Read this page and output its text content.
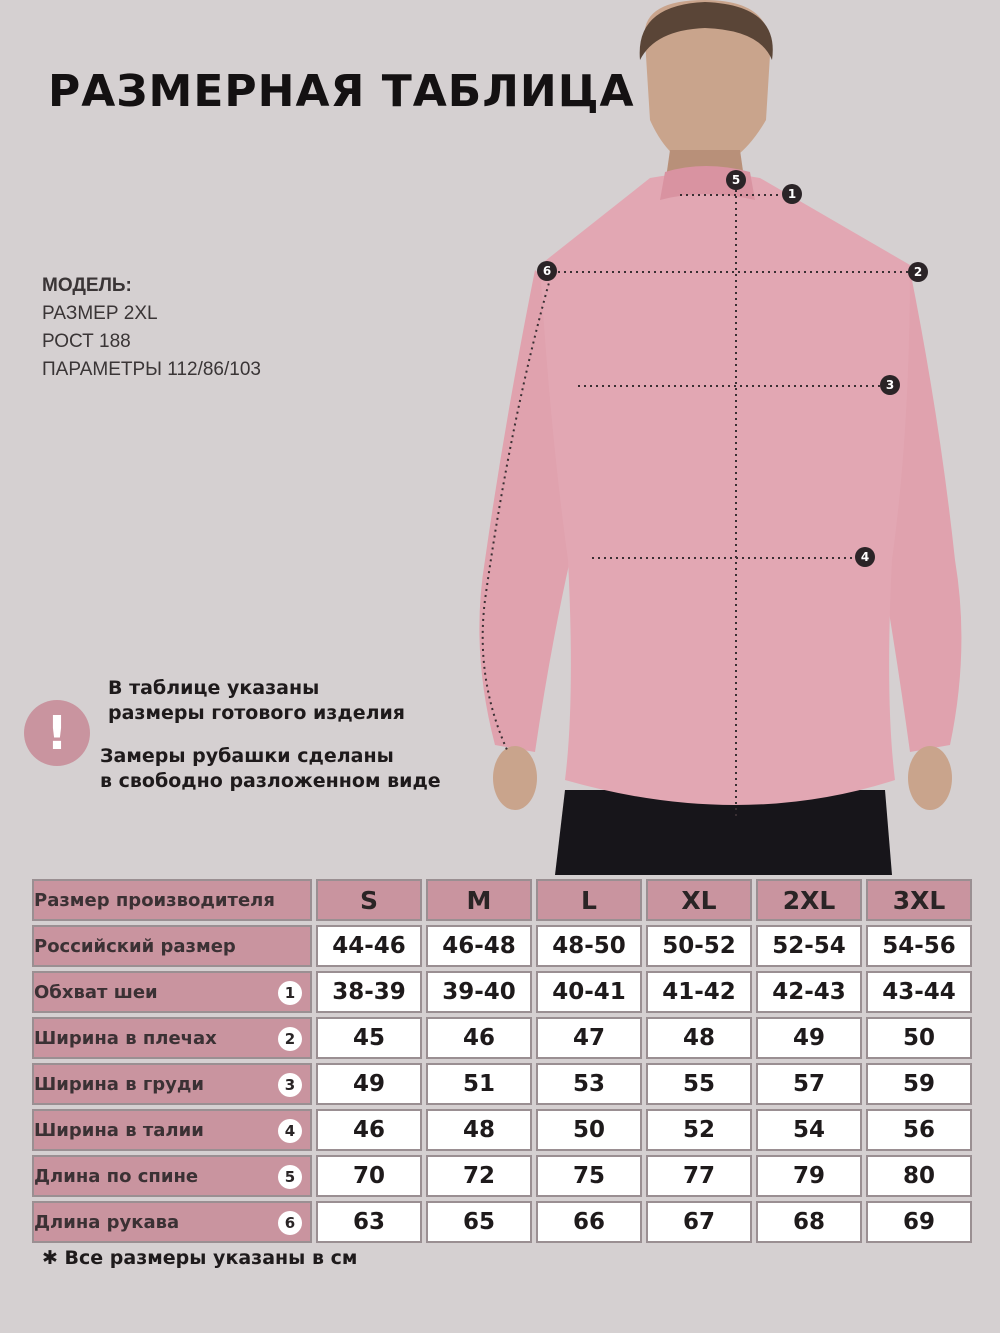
РАЗМЕРНАЯ ТАБЛИЦА
МОДЕЛЬ:
РАЗМЕР 2XL
РОСТ 188
ПАРАМЕТРЫ 112/86/103
1
2
3
4
5
6
!
В таблице указаны
размеры готового изделия
Замеры рубашки сделаны
в свободно разложенном виде
Размер производителя	S	M	L	XL	2XL	3XL
Российский размер	44-46	46-48	48-50	50-52	52-54	54-56
Обхват шеи 1	38-39	39-40	40-41	41-42	42-43	43-44
Ширина в плечах 2	45	46	47	48	49	50
Ширина в груди 3	49	51	53	55	57	59
Ширина в талии 4	46	48	50	52	54	56
Длина по спине 5	70	72	75	77	79	80
Длина рукава 6	63	65	66	67	68	69
✱ Все размеры указаны в см
